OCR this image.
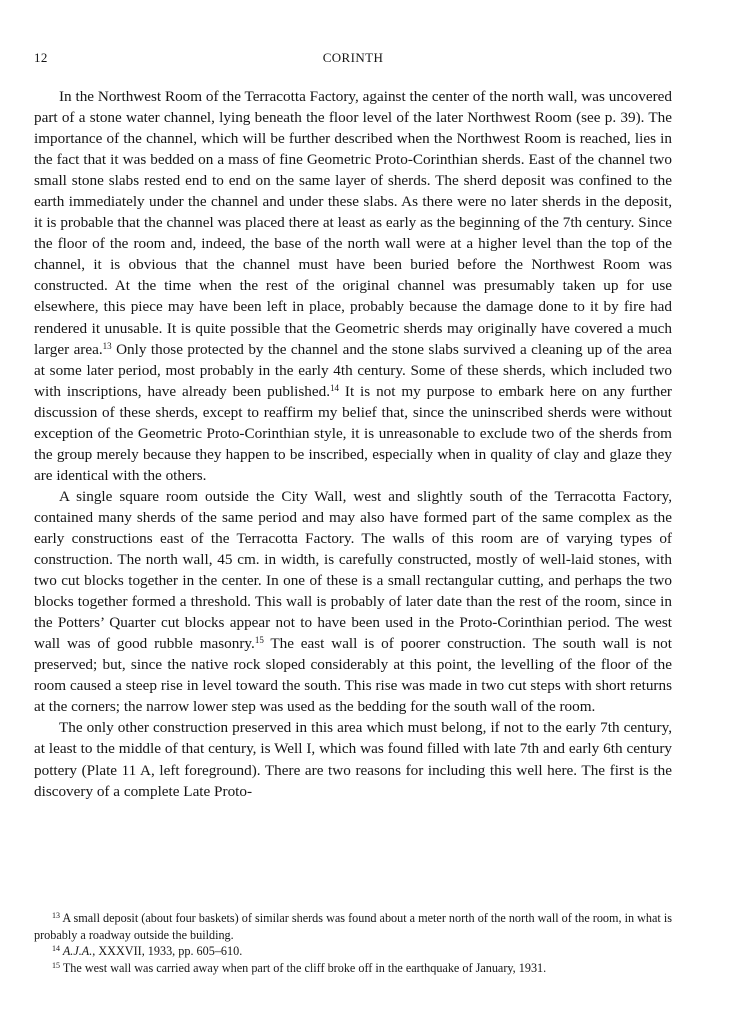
12	CORINTH

In the Northwest Room of the Terracotta Factory, against the center of the north wall, was uncovered part of a stone water channel, lying beneath the floor level of the later Northwest Room (see p. 39). The importance of the channel, which will be further described when the Northwest Room is reached, lies in the fact that it was bedded on a mass of fine Geometric Proto-Corinthian sherds. East of the channel two small stone slabs rested end to end on the same layer of sherds. The sherd deposit was confined to the earth immediately under the channel and under these slabs. As there were no later sherds in the deposit, it is probable that the channel was placed there at least as early as the beginning of the 7th century. Since the floor of the room and, indeed, the base of the north wall were at a higher level than the top of the channel, it is obvious that the channel must have been buried before the Northwest Room was constructed. At the time when the rest of the original channel was presumably taken up for use elsewhere, this piece may have been left in place, probably because the damage done to it by fire had rendered it unusable. It is quite possible that the Geometric sherds may originally have covered a much larger area.$^{13}$ Only those protected by the channel and the stone slabs survived a cleaning up of the area at some later period, most probably in the early 4th century. Some of these sherds, which included two with inscriptions, have already been published.$^{14}$ It is not my purpose to embark here on any further discussion of these sherds, except to reaffirm my belief that, since the uninscribed sherds were without exception of the Geometric Proto-Corinthian style, it is unreasonable to exclude two of the sherds from the group merely because they happen to be inscribed, especially when in quality of clay and glaze they are identical with the others.

A single square room outside the City Wall, west and slightly south of the Terracotta Factory, contained many sherds of the same period and may also have formed part of the same complex as the early constructions east of the Terracotta Factory. The walls of this room are of varying types of construction. The north wall, 45 cm. in width, is carefully constructed, mostly of well-laid stones, with two cut blocks together in the center. In one of these is a small rectangular cutting, and perhaps the two blocks together formed a threshold. This wall is probably of later date than the rest of the room, since in the Potters’ Quarter cut blocks appear not to have been used in the Proto-Corinthian period. The west wall was of good rubble masonry.$^{15}$ The east wall is of poorer construction. The south wall is not preserved; but, since the native rock sloped considerably at this point, the levelling of the floor of the room caused a steep rise in level toward the south. This rise was made in two cut steps with short returns at the corners; the narrow lower step was used as the bedding for the south wall of the room.

The only other construction preserved in this area which must belong, if not to the early 7th century, at least to the middle of that century, is Well I, which was found filled with late 7th and early 6th century pottery (Plate 11 A, left foreground). There are two reasons for including this well here. The first is the discovery of a complete Late Proto-

$^{13}$ A small deposit (about four baskets) of similar sherds was found about a meter north of the north wall of the room, in what is probably a roadway outside the building.

$^{14}$ A.J.A., XXXVII, 1933, pp. 605–610.

$^{15}$ The west wall was carried away when part of the cliff broke off in the earthquake of January, 1931.
